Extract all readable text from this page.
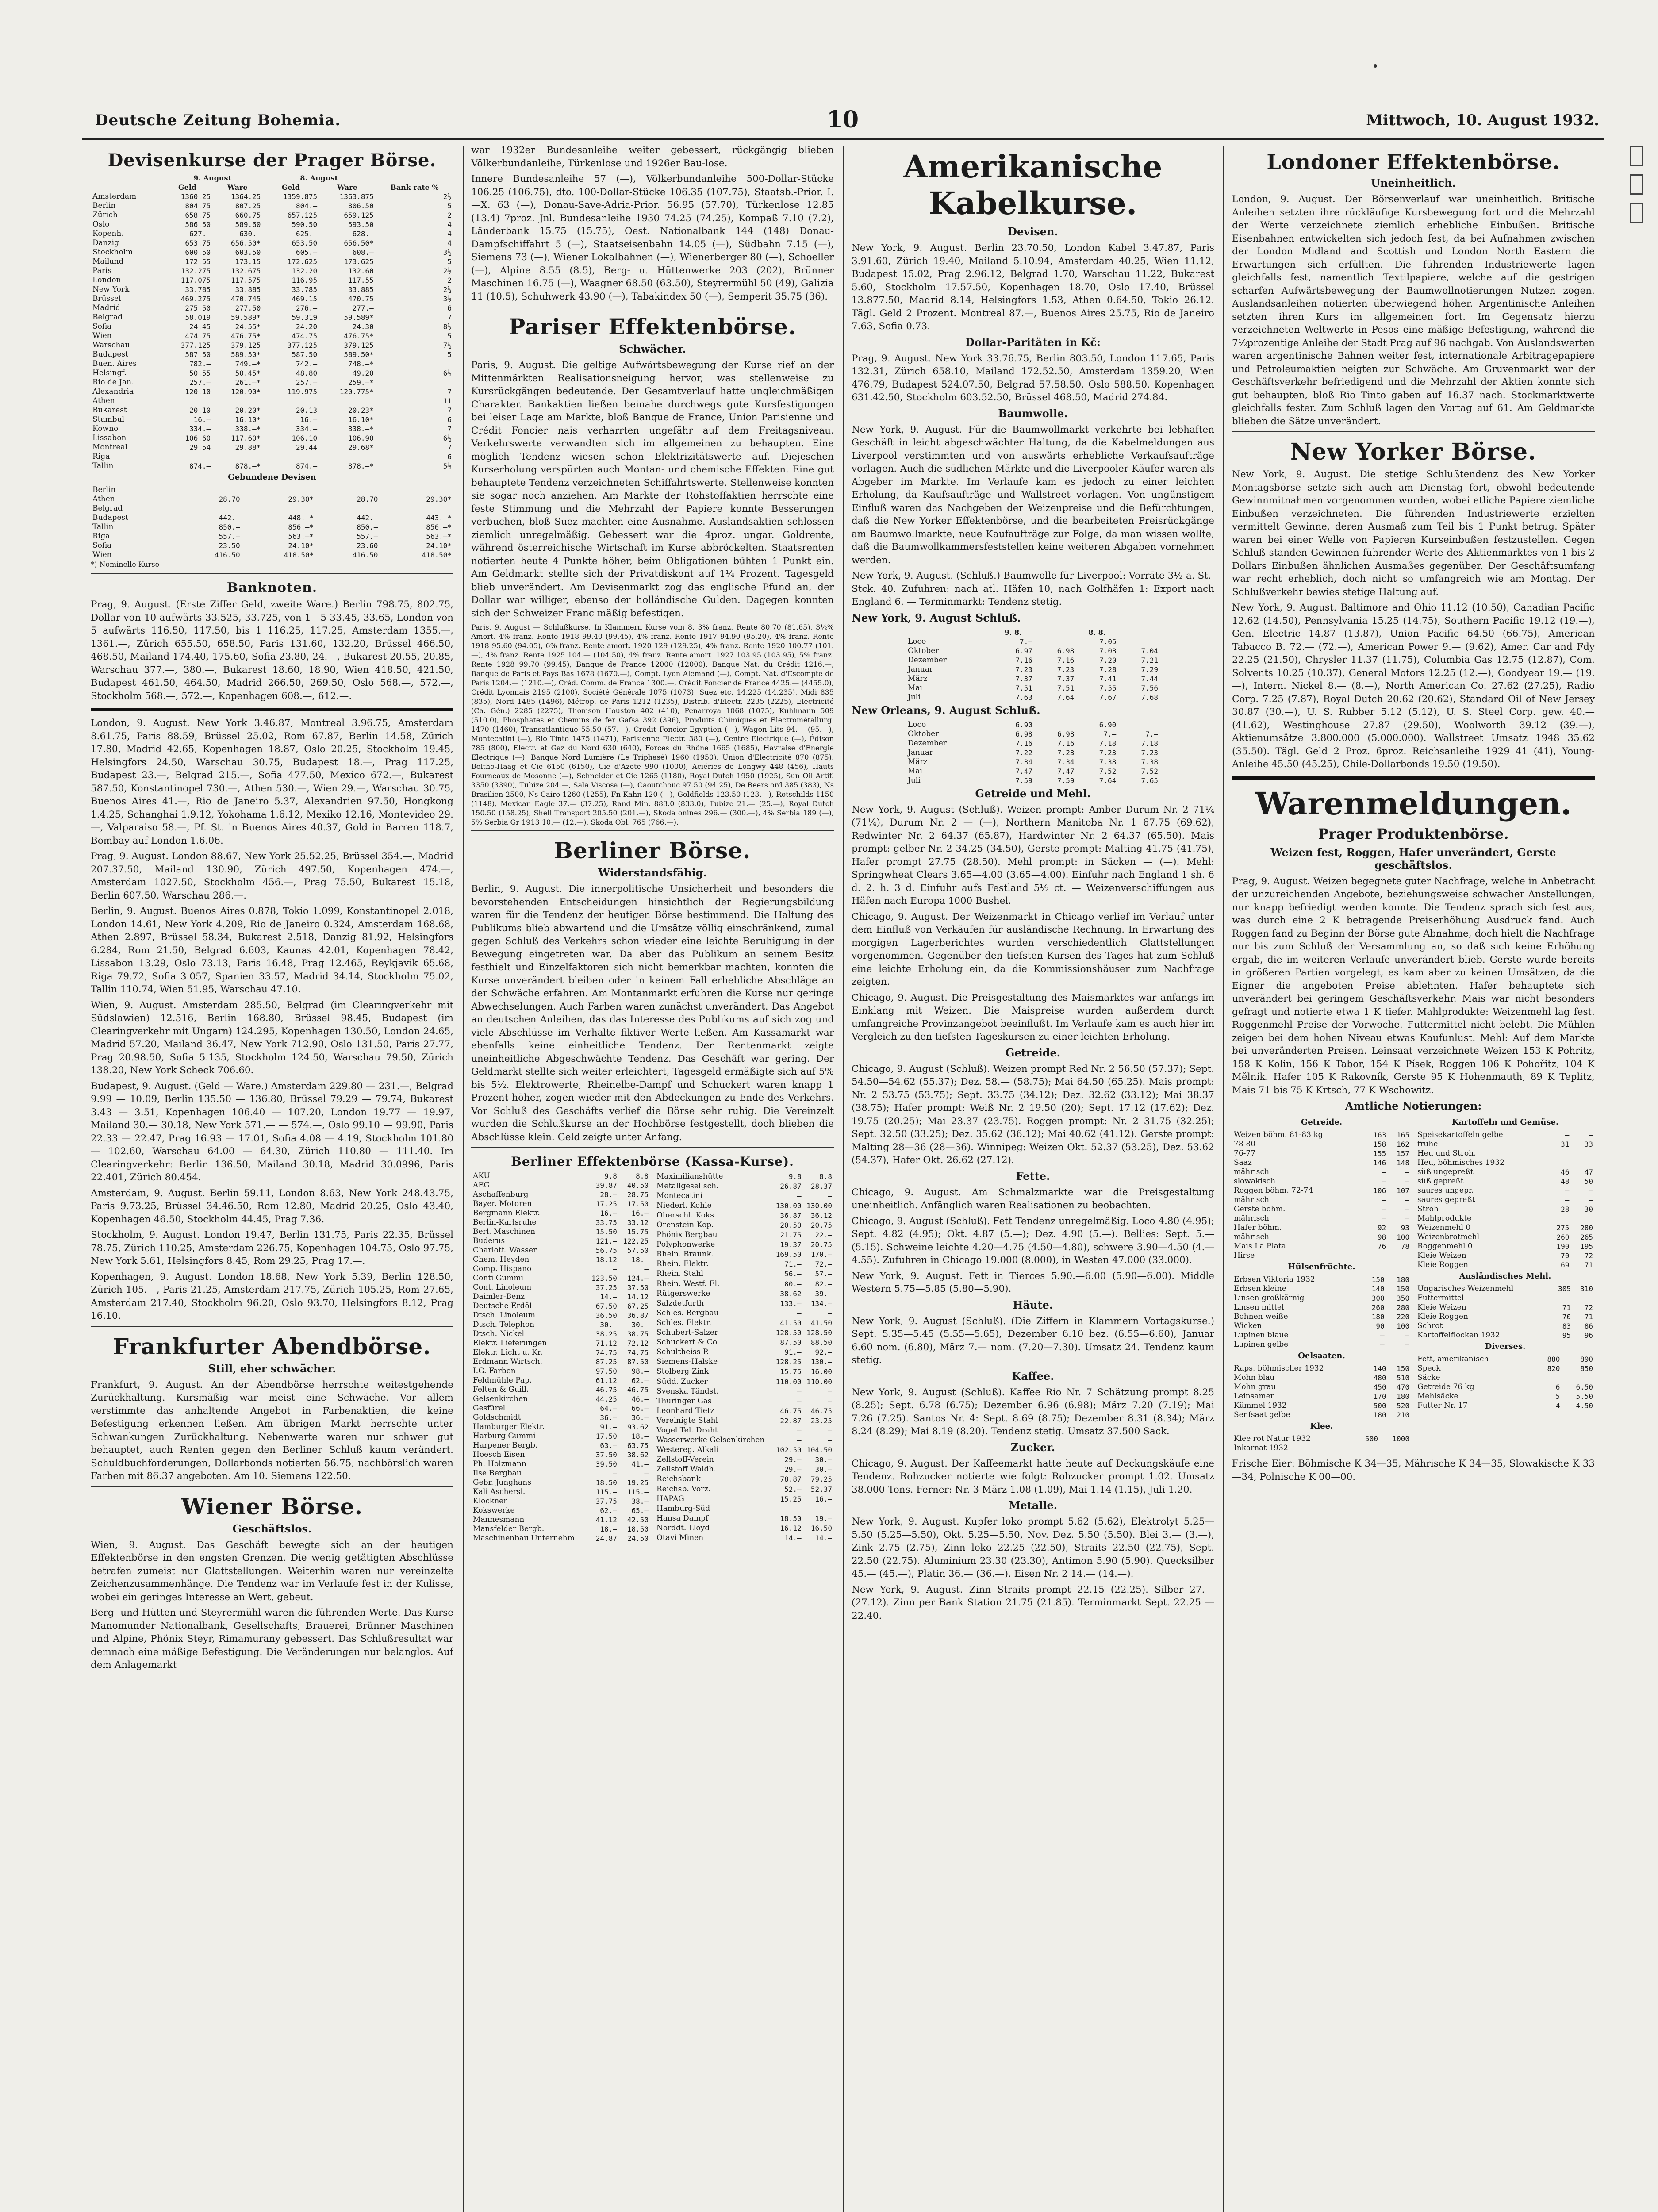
Deutsche Zeitung Bohemia.	10	Mittwoch, 10. August 1932.
Devisenkurse der Prager Börse.
	9. August		8. August		
	Geld	Ware	Geld	Ware	Bank rate %
Amsterdam	1360.25	1364.25	1359.875	1363.875	2½
Berlin	804.75	807.25	804.—	806.50	5
Zürich	658.75	660.75	657.125	659.125	2
Oslo	586.50	589.60	590.50	593.50	4
Kopenh.	627.—	630.—	625.—	628.—	4
Danzig	653.75	656.50*	653.50	656.50*	4
Stockholm	600.50	603.50	605.—	608.—	3½
Mailand	172.55	173.15	172.625	173.625	5
Paris	132.275	132.675	132.20	132.60	2½
London	117.075	117.575	116.95	117.55	2
New York	33.785	33.885	33.785	33.885	2½
Brüssel	469.275	470.745	469.15	470.75	3½
Madrid	275.50	277.50	276.—	277.—	6
Belgrad	58.019	59.589*	59.319	59.589*	7
Sofia	24.45	24.55*	24.20	24.30	8½
Wien	474.75	476.75*	474.75	476.75*	5
Warschau	377.125	379.125	377.125	379.125	7½
Budapest	587.50	589.50*	587.50	589.50*	5
Buen. Aires	782.—	749.—*	742.—	748.—*	
Helsingf.	50.55	50.45*	48.80	49.20	6½
Rio de Jan.	257.—	261.—*	257.—	259.—*	
Alexandria	120.10	120.90*	119.975	120.775*	7
Athen					11
Bukarest	20.10	20.20*	20.13	20.23*	7
Stambul	16.—	16.10*	16.—	16.10*	6
Kowno	334.—	338.—*	334.—	338.—*	7
Lissabon	106.60	117.60*	106.10	106.90	6½
Montreal	29.54	29.88*	29.44	29.68*	7
Riga					6
Tallin	874.—	878.—*	874.—	878.—*	5½
Gebundene Devisen
Berlin				
Athen	28.70	29.30*	28.70	29.30*
Belgrad				
Budapest	442.—	448.—*	442.—	443.—*
Tallin	850.—	856.—*	850.—	856.—*
Riga	557.—	563.—*	557.—	563.—*
Sofia	23.50	24.10*	23.60	24.10*
Wien	416.50	418.50*	416.50	418.50*
*) Nominelle Kurse
Banknoten.

Prag, 9. August. (Erste Ziffer Geld, zweite Ware.) Berlin 798.75, 802.75, Dollar von 10 aufwärts 33.525, 33.725, von 1—5 33.45, 33.65, London von 5 aufwärts 116.50, 117.50, bis 1 116.25, 117.25, Amsterdam 1355.—, 1361.—, Zürich 655.50, 658.50, Paris 131.60, 132.20, Brüssel 466.50, 468.50, Mailand 174.40, 175.60, Sofia 23.80, 24.—, Bukarest 20.55, 20.85, Warschau 377.—, 380.—, Bukarest 18.60, 18.90, Wien 418.50, 421.50, Budapest 461.50, 464.50, Madrid 266.50, 269.50, Oslo 568.—, 572.—, Stockholm 568.—, 572.—, Kopenhagen 608.—, 612.—.

London, 9. August. New York 3.46.87, Montreal 3.96.75, Amsterdam 8.61.75, Paris 88.59, Brüssel 25.02, Rom 67.87, Berlin 14.58, Zürich 17.80, Madrid 42.65, Kopenhagen 18.87, Oslo 20.25, Stockholm 19.45, Helsingfors 24.50, Warschau 30.75, Budapest 18.—, Prag 117.25, Budapest 23.—, Belgrad 215.—, Sofia 477.50, Mexico 672.—, Bukarest 587.50, Konstantinopel 730.—, Athen 530.—, Wien 29.—, Warschau 30.75, Buenos Aires 41.—, Rio de Janeiro 5.37, Alexandrien 97.50, Hongkong 1.4.25, Schanghai 1.9.12, Yokohama 1.6.12, Mexiko 12.16, Montevideo 29.—, Valparaiso 58.—, Pf. St. in Buenos Aires 40.37, Gold in Barren 118.7, Bombay auf London 1.6.06.

Prag, 9. August. London 88.67, New York 25.52.25, Brüssel 354.—, Madrid 207.37.50, Mailand 130.90, Zürich 497.50, Kopenhagen 474.—, Amsterdam 1027.50, Stockholm 456.—, Prag 75.50, Bukarest 15.18, Berlin 607.50, Warschau 286.—.

Berlin, 9. August. Buenos Aires 0.878, Tokio 1.099, Konstantinopel 2.018, London 14.61, New York 4.209, Rio de Janeiro 0.324, Amsterdam 168.68, Athen 2.897, Brüssel 58.34, Bukarest 2.518, Danzig 81.92, Helsingfors 6.284, Rom 21.50, Belgrad 6.603, Kaunas 42.01, Kopenhagen 78.42, Lissabon 13.29, Oslo 73.13, Paris 16.48, Prag 12.465, Reykjavik 65.68, Riga 79.72, Sofia 3.057, Spanien 33.57, Madrid 34.14, Stockholm 75.02, Tallin 110.74, Wien 51.95, Warschau 47.10.

Wien, 9. August. Amsterdam 285.50, Belgrad (im Clearingverkehr mit Südslawien) 12.516, Berlin 168.80, Brüssel 98.45, Budapest (im Clearingverkehr mit Ungarn) 124.295, Kopenhagen 130.50, London 24.65, Madrid 57.20, Mailand 36.47, New York 712.90, Oslo 131.50, Paris 27.77, Prag 20.98.50, Sofia 5.135, Stockholm 124.50, Warschau 79.50, Zürich 138.20, New York Scheck 706.60.

Budapest, 9. August. (Geld — Ware.) Amsterdam 229.80 — 231.—, Belgrad 9.99 — 10.09, Berlin 135.50 — 136.80, Brüssel 79.29 — 79.74, Bukarest 3.43 — 3.51, Kopenhagen 106.40 — 107.20, London 19.77 — 19.97, Mailand 30.— 30.18, New York 571.— — 574.—, Oslo 99.10 — 99.90, Paris 22.33 — 22.47, Prag 16.93 — 17.01, Sofia 4.08 — 4.19, Stockholm 101.80 — 102.60, Warschau 64.00 — 64.30, Zürich 110.80 — 111.40. Im Clearingverkehr: Berlin 136.50, Mailand 30.18, Madrid 30.0996, Paris 22.401, Zürich 80.454.

Amsterdam, 9. August. Berlin 59.11, London 8.63, New York 248.43.75, Paris 9.73.25, Brüssel 34.46.50, Rom 12.80, Madrid 20.25, Oslo 43.40, Kopenhagen 46.50, Stockholm 44.45, Prag 7.36.

Stockholm, 9. August. London 19.47, Berlin 131.75, Paris 22.35, Brüssel 78.75, Zürich 110.25, Amsterdam 226.75, Kopenhagen 104.75, Oslo 97.75, New York 5.61, Helsingfors 8.45, Rom 29.25, Prag 17.—.

Kopenhagen, 9. August. London 18.68, New York 5.39, Berlin 128.50, Zürich 105.—, Paris 21.25, Amsterdam 217.75, Zürich 105.25, Rom 27.65, Amsterdam 217.40, Stockholm 96.20, Oslo 93.70, Helsingfors 8.12, Prag 16.10.

Frankfurter Abendbörse.
Still, eher schwächer.

Frankfurt, 9. August. An der Abendbörse herrschte weitestgehende Zurückhaltung. Kursmäßig war meist eine Schwäche. Vor allem verstimmte das anhaltende Angebot in Farbenaktien, die keine Befestigung erkennen ließen. Am übrigen Markt herrschte unter Schwankungen Zurückhaltung. Nebenwerte waren nur schwer gut behauptet, auch Renten gegen den Berliner Schluß kaum verändert. Schuldbuchforderungen, Dollarbonds notierten 56.75, nachbörslich waren Farben mit 86.37 angeboten. Am 10. Siemens 122.50.

Wiener Börse.
Geschäftslos.

Wien, 9. August. Das Geschäft bewegte sich an der heutigen Effektenbörse in den engsten Grenzen. Die wenig getätigten Abschlüsse betrafen zumeist nur Glattstellungen. Weiterhin waren nur vereinzelte Zeichenzusammenhänge. Die Tendenz war im Verlaufe fest in der Kulisse, wobei ein geringes Interesse an Wert, gebeut.

Berg- und Hütten und Steyrermühl waren die führenden Werte. Das Kurse Manomunder Nationalbank, Gesellschafts, Brauerei, Brünner Maschinen und Alpine, Phönix Steyr, Rimamurany gebessert. Das Schlußresultat war demnach eine mäßige Befestigung. Die Veränderungen nur belanglos. Auf dem Anlagemarkt

war 1932er Bundesanleihe weiter gebessert, rückgängig blieben Völkerbundanleihe, Türkenlose und 1926er Bau-lose.

Innere Bundesanleihe 57 (—), Völkerbundanleihe 500-Dollar-Stücke 106.25 (106.75), dto. 100-Dollar-Stücke 106.35 (107.75), Staatsb.-Prior. I.—X. 63 (—), Donau-Save-Adria-Prior. 56.95 (57.70), Türkenlose 12.85 (13.4) 7proz. Jnl. Bundesanleihe 1930 74.25 (74.25), Kompaß 7.10 (7.2), Länderbank 15.75 (15.75), Oest. Nationalbank 144 (148) Donau-Dampfschiffahrt 5 (—), Staatseisenbahn 14.05 (—), Südbahn 7.15 (—), Siemens 73 (—), Wiener Lokalbahnen (—), Wienerberger 80 (—), Schoeller (—), Alpine 8.55 (8.5), Berg- u. Hüttenwerke 203 (202), Brünner Maschinen 16.75 (—), Waagner 68.50 (63.50), Steyrermühl 50 (49), Galizia 11 (10.5), Schuhwerk 43.90 (—), Tabakindex 50 (—), Semperit 35.75 (36).

Pariser Effektenbörse.
Schwächer.

Paris, 9. August. Die geltige Aufwärtsbewegung der Kurse rief an der Mittenmärkten Realisationsneigung hervor, was stellenweise zu Kursrückgängen bedeutende. Der Gesamtverlauf hatte ungleichmäßigen Charakter. Bankaktien ließen beinahe durchwegs gute Kursfestigungen bei leiser Lage am Markte, bloß Banque de France, Union Parisienne und Crédit Foncier nais verharrten ungefähr auf dem Freitagsniveau. Verkehrswerte verwandten sich im allgemeinen zu behaupten. Eine möglich Tendenz wiesen schon Elektrizitätswerte auf. Diejeschen Kurserholung verspürten auch Montan- und chemische Effekten. Eine gut behauptete Tendenz verzeichneten Schiffahrtswerte. Stellenweise konnten sie sogar noch anziehen. Am Markte der Rohstoffaktien herrschte eine feste Stimmung und die Mehrzahl der Papiere konnte Besserungen verbuchen, bloß Suez machten eine Ausnahme. Auslandsaktien schlossen ziemlich unregelmäßig. Gebessert war die 4proz. ungar. Goldrente, während österreichische Wirtschaft im Kurse abbröckelten. Staatsrenten notierten heute 4 Punkte höher, beim Obligationen bühten 1 Punkt ein. Am Geldmarkt stellte sich der Privatdiskont auf 1¼ Prozent. Tagesgeld blieb unverändert. Am Devisenmarkt zog das englische Pfund an, der Dollar war williger, ebenso der holländische Gulden. Dagegen konnten sich der Schweizer Franc mäßig befestigen.

Paris, 9. August — Schlußkurse. In Klammern Kurse vom 8. 3% franz. Rente 80.70 (81.65), 3½% Amort. 4% franz. Rente 1918 99.40 (99.45), 4% franz. Rente 1917 94.90 (95.20), 4% franz. Rente 1918 95.60 (94.05), 6% franz. Rente amort. 1920 129 (129.25), 4% franz. Rente 1920 100.77 (101.—), 4% franz. Rente 1925 104.— (104.50), 4% franz. Rente amort. 1927 103.95 (103.95), 5% franz. Rente 1928 99.70 (99.45), Banque de France 12000 (12000), Banque Nat. du Crédit 1216.—, Banque de Paris et Pays Bas 1678 (1670.—), Compt. Lyon Alemand (—), Compt. Nat. d'Escompte de Paris 1204.— (1210.—), Créd. Comm. de France 1300.—, Crédit Foncier de France 4425.— (4455.0), Crédit Lyonnais 2195 (2100), Société Générale 1075 (1073), Suez etc. 14.225 (14.235), Midi 835 (835), Nord 1485 (1496), Métrop. de Paris 1212 (1235), Distrib. d'Electr. 2235 (2225), Electricité (Ca. Gén.) 2285 (2275), Thomson Houston 402 (410), Penarroya 1068 (1075), Kuhlmann 509 (510.0), Phosphates et Chemins de fer Gafsa 392 (396), Produits Chimiques et Electrométallurg. 1470 (1460), Transatlantique 55.50 (57.—), Crédit Foncier Egyptien (—), Wagon Lits 94.— (95.—), Montecatini (—), Rio Tinto 1475 (1471), Parisienne Electr. 380 (—), Centre Electrique (—), Édison 785 (800), Electr. et Gaz du Nord 630 (640), Forces du Rhône 1665 (1685), Havraise d'Energie Electrique (—), Banque Nord Lumière (Le Triphasé) 1960 (1950), Union d'Electricité 870 (875), Boltho-Haag et Cie 6150 (6150), Cie d'Azote 990 (1000), Aciéries de Longwy 448 (456), Hauts Fourneaux de Mosonne (—), Schneider et Cie 1265 (1180), Royal Dutch 1950 (1925), Sun Oil Artif. 3350 (3390), Tubize 204.—, Sala Viscosa (—), Caoutchouc 97.50 (94.25), De Beers ord 385 (383), Ns Brasilien 2500, Ns Cairo 1260 (1255), Fn Kahn 120 (—), Goldfields 123.50 (123.—), Rotschilds 1150 (1148), Mexican Eagle 37.— (37.25), Rand Min. 883.0 (833.0), Tubize 21.— (25.—), Royal Dutch 150.50 (158.25), Shell Transport 205.50 (201.—), Skoda onines 296.— (300.—), 4% Serbia 189 (—), 5% Serbia Gr 1913 10.— (12.—), Skoda Obl. 765 (766.—).

Berliner Börse.
Widerstandsfähig.

Berlin, 9. August. Die innerpolitische Unsicherheit und besonders die bevorstehenden Entscheidungen hinsichtlich der Regierungsbildung waren für die Tendenz der heutigen Börse bestimmend. Die Haltung des Publikums blieb abwartend und die Umsätze völlig einschränkend, zumal gegen Schluß des Verkehrs schon wieder eine leichte Beruhigung in der Bewegung eingetreten war. Da aber das Publikum an seinem Besitz festhielt und Einzelfaktoren sich nicht bemerkbar machten, konnten die Kurse unverändert bleiben oder in keinem Fall erhebliche Abschläge an der Schwäche erfahren. Am Montanmarkt erfuhren die Kurse nur geringe Abwechselungen. Auch Farben waren zunächst unverändert. Das Angebot an deutschen Anleihen, das das Interesse des Publikums auf sich zog und viele Abschlüsse im Verhalte fiktiver Werte ließen. Am Kassamarkt war ebenfalls keine einheitliche Tendenz. Der Rentenmarkt zeigte uneinheitliche Abgeschwächte Tendenz. Das Geschäft war gering. Der Geldmarkt stellte sich weiter erleichtert, Tagesgeld ermäßigte sich auf 5% bis 5½. Elektrowerte, Rheinelbe-Dampf und Schuckert waren knapp 1 Prozent höher, zogen wieder mit den Abdeckungen zu Ende des Verkehrs. Vor Schluß des Geschäfts verlief die Börse sehr ruhig. Die Vereinzelt wurden die Schlußkurse an der Hochbörse festgestellt, doch blieben die Abschlüsse klein. Geld zeigte unter Anfang.

Berliner Effektenbörse (Kassa-Kurse).
AKU	9.8	8.8
AEG	39.87	40.50
Aschaffenburg	28.—	28.75
Bayer. Motoren	17.25	17.50
Bergmann Elektr.	16.—	16.—
Berlin-Karlsruhe	33.75	33.12
Berl. Maschinen	15.50	15.75
Buderus	121.—	122.25
Charlott. Wasser	56.75	57.50
Chem. Heyden	18.12	18.—
Comp. Hispano	—	—
Conti Gummi	123.50	124.—
Cont. Linoleum	37.25	37.50
Daimler-Benz	14.—	14.12
Deutsche Erdöl	67.50	67.25
Dtsch. Linoleum	36.50	36.87
Dtsch. Telephon	30.—	30.—
Dtsch. Nickel	38.25	38.75
Elektr. Lieferungen	71.12	72.12
Elektr. Licht u. Kr.	74.75	74.75
Erdmann Wirtsch.	87.25	87.50
I.G. Farben	97.50	98.—
Feldmühle Pap.	61.12	62.—
Felten & Guill.	46.75	46.75
Gelsenkirchen	44.25	46.—
Gesfürel	64.—	66.—
Goldschmidt	36.—	36.—
Hamburger Elektr.	91.—	93.62
Harburg Gummi	17.50	18.—
Harpener Bergb.	63.—	63.75
Hoesch Eisen	37.50	38.62
Ph. Holzmann	39.50	41.—
Ilse Bergbau	—	—
Gebr. Junghans	18.50	19.25
Kali Aschersl.	115.—	115.—
Klöckner	37.75	38.—
Kokswerke	62.—	65.—
Mannesmann	41.12	42.50
Mansfelder Bergb.	18.—	18.50
Maschinenbau Unternehm.	24.87	24.50
Maximilianshütte	9.8	8.8
Metallgesellsch.	26.87	28.37
Montecatini	—	—
Niederl. Kohle	130.00	130.00
Oberschl. Koks	36.87	36.12
Orenstein-Kop.	20.50	20.75
Phönix Bergbau	21.75	22.—
Polyphonwerke	19.37	20.75
Rhein. Braunk.	169.50	170.—
Rhein. Elektr.	71.—	72.—
Rhein. Stahl	56.—	57.—
Rhein. Westf. El.	80.—	82.—
Rütgerswerke	38.62	39.—
Salzdetfurth	133.—	134.—
Schles. Bergbau	—	—
Schles. Elektr.	41.50	41.50
Schubert-Salzer	128.50	128.50
Schuckert & Co.	87.50	88.50
Schultheiss-P.	91.—	92.—
Siemens-Halske	128.25	130.—
Stolberg Zink	15.75	16.00
Südd. Zucker	110.00	110.00
Svenska Tändst.	—	—
Thüringer Gas	—	—
Leonhard Tietz	46.75	46.75
Vereinigte Stahl	22.87	23.25
Vogel Tel. Draht	—	—
Wasserwerke Gelsenkirchen	—	—
Westereg. Alkali	102.50	104.50
Zellstoff-Verein	29.—	30.—
Zellstoff Waldh.	29.—	30.—
Reichsbank	78.87	79.25
Reichsb. Vorz.	52.—	52.37
HAPAG	15.25	16.—
Hamburg-Süd	—	—
Hansa Dampf	18.50	19.—
Norddt. Lloyd	16.12	16.50
Otavi Minen	14.—	14.—
Amerikanische Kabelkurse.
Devisen.

New York, 9. August. Berlin 23.70.50, London Kabel 3.47.87, Paris 3.91.60, Zürich 19.40, Mailand 5.10.94, Amsterdam 40.25, Wien 11.12, Budapest 15.02, Prag 2.96.12, Belgrad 1.70, Warschau 11.22, Bukarest 5.60, Stockholm 17.57.50, Kopenhagen 18.70, Oslo 17.40, Brüssel 13.877.50, Madrid 8.14, Helsingfors 1.53, Athen 0.64.50, Tokio 26.12. Tägl. Geld 2 Prozent. Montreal 87.—, Buenos Aires 25.75, Rio de Janeiro 7.63, Sofia 0.73.

Dollar-Paritäten in Kč:

Prag, 9. August. New York 33.76.75, Berlin 803.50, London 117.65, Paris 132.31, Zürich 658.10, Mailand 172.52.50, Amsterdam 1359.20, Wien 476.79, Budapest 524.07.50, Belgrad 57.58.50, Oslo 588.50, Kopenhagen 631.42.50, Stockholm 603.52.50, Brüssel 468.50, Madrid 274.84.

Baumwolle.

New York, 9. August. Für die Baumwollmarkt verkehrte bei lebhaften Geschäft in leicht abgeschwächter Haltung, da die Kabelmeldungen aus Liverpool verstimmten und von auswärts erhebliche Verkaufsaufträge vorlagen. Auch die südlichen Märkte und die Liverpooler Käufer waren als Abgeber im Markte. Im Verlaufe kam es jedoch zu einer leichten Erholung, da Kaufsaufträge und Wallstreet vorlagen. Von ungünstigem Einfluß waren das Nachgeben der Weizenpreise und die Befürchtungen, daß die New Yorker Effektenbörse, und die bearbeiteten Preisrückgänge am Baumwollmarkte, neue Kaufaufträge zur Folge, da man wissen wollte, daß die Baumwollkammersfeststellen keine weiteren Abgaben vornehmen werden.

New York, 9. August. (Schluß.) Baumwolle für Liverpool: Vorräte 3½ a. St.-Stck. 40. Zufuhren: nach atl. Häfen 10, nach Golfhäfen 1: Export nach England 6. — Terminmarkt: Tendenz stetig.

New York, 9. August Schluß.
	9. 8.		8. 8.	
Loco	7.—		7.05	
Oktober	6.97	6.98	7.03	7.04
Dezember	7.16	7.16	7.20	7.21
Januar	7.23	7.23	7.28	7.29
März	7.37	7.37	7.41	7.44
Mai	7.51	7.51	7.55	7.56
Juli	7.63	7.64	7.67	7.68
New Orleans, 9. August Schluß.
Loco	6.90		6.90	
Oktober	6.98	6.98	7.—	7.—
Dezember	7.16	7.16	7.18	7.18
Januar	7.22	7.23	7.23	7.23
März	7.34	7.34	7.38	7.38
Mai	7.47	7.47	7.52	7.52
Juli	7.59	7.59	7.64	7.65
Getreide und Mehl.

New York, 9. August (Schluß). Weizen prompt: Amber Durum Nr. 2 71¼ (71¼), Durum Nr. 2 — (—), Northern Manitoba Nr. 1 67.75 (69.62), Redwinter Nr. 2 64.37 (65.87), Hardwinter Nr. 2 64.37 (65.50). Mais prompt: gelber Nr. 2 34.25 (34.50), Gerste prompt: Malting 41.75 (41.75), Hafer prompt 27.75 (28.50). Mehl prompt: in Säcken — (—). Mehl: Springwheat Clears 3.65—4.00 (3.65—4.00). Einfuhr nach England 1 sh. 6 d. 2. h. 3 d. Einfuhr aufs Festland 5½ ct. — Weizenverschiffungen aus Häfen nach Europa 1000 Bushel.

Chicago, 9. August. Der Weizenmarkt in Chicago verlief im Verlauf unter dem Einfluß von Verkäufen für ausländische Rechnung. In Erwartung des morgigen Lagerberichtes wurden verschiedentlich Glattstellungen vorgenommen. Gegenüber den tiefsten Kursen des Tages hat zum Schluß eine leichte Erholung ein, da die Kommissionshäuser zum Nachfrage zeigten.

Chicago, 9. August. Die Preisgestaltung des Maismarktes war anfangs im Einklang mit Weizen. Die Maispreise wurden außerdem durch umfangreiche Provinzangebot beeinflußt. Im Verlaufe kam es auch hier im Vergleich zu den tiefsten Tageskursen zu einer leichten Erholung.

Getreide.

Chicago, 9. August (Schluß). Weizen prompt Red Nr. 2 56.50 (57.37); Sept. 54.50—54.62 (55.37); Dez. 58.— (58.75); Mai 64.50 (65.25). Mais prompt: Nr. 2 53.75 (53.75); Sept. 33.75 (34.12); Dez. 32.62 (33.12); Mai 38.37 (38.75); Hafer prompt: Weiß Nr. 2 19.50 (20); Sept. 17.12 (17.62); Dez. 19.75 (20.25); Mai 23.37 (23.75). Roggen prompt: Nr. 2 31.75 (32.25); Sept. 32.50 (33.25); Dez. 35.62 (36.12); Mai 40.62 (41.12). Gerste prompt: Malting 28—36 (28—36). Winnipeg: Weizen Okt. 52.37 (53.25), Dez. 53.62 (54.37), Hafer Okt. 26.62 (27.12).

Fette.

Chicago, 9. August. Am Schmalzmarkte war die Preisgestaltung uneinheitlich. Anfänglich waren Realisationen zu beobachten.

Chicago, 9. August (Schluß). Fett Tendenz unregelmäßig. Loco 4.80 (4.95); Sept. 4.82 (4.95); Okt. 4.87 (5.—); Dez. 4.90 (5.—). Bellies: Sept. 5.— (5.15). Schweine leichte 4.20—4.75 (4.50—4.80), schwere 3.90—4.50 (4.—4.55). Zufuhren in Chicago 19.000 (8.000), in Westen 47.000 (33.000).

New York, 9. August. Fett in Tierces 5.90.—6.00 (5.90—6.00). Middle Western 5.75—5.85 (5.80—5.90).

Häute.

New York, 9. August (Schluß). (Die Ziffern in Klammern Vortagskurse.) Sept. 5.35—5.45 (5.55—5.65), Dezember 6.10 bez. (6.55—6.60), Januar 6.60 nom. (6.80), März 7.— nom. (7.20—7.30). Umsatz 24. Tendenz kaum stetig.

Kaffee.

New York, 9. August (Schluß). Kaffee Rio Nr. 7 Schätzung prompt 8.25 (8.25); Sept. 6.78 (6.75); Dezember 6.96 (6.98); März 7.20 (7.19); Mai 7.26 (7.25). Santos Nr. 4: Sept. 8.69 (8.75); Dezember 8.31 (8.34); März 8.24 (8.29); Mai 8.19 (8.20). Tendenz stetig. Umsatz 37.500 Sack.

Zucker.

Chicago, 9. August. Der Kaffeemarkt hatte heute auf Deckungskäufe eine Tendenz. Rohzucker notierte wie folgt: Rohzucker prompt 1.02. Umsatz 38.000 Tons. Ferner: Nr. 3 März 1.08 (1.09), Mai 1.14 (1.15), Juli 1.20.

Metalle.

New York, 9. August. Kupfer loko prompt 5.62 (5.62), Elektrolyt 5.25—5.50 (5.25—5.50), Okt. 5.25—5.50, Nov. Dez. 5.50 (5.50). Blei 3.— (3.—), Zink 2.75 (2.75), Zinn loko 22.25 (22.50), Straits 22.50 (22.75), Sept. 22.50 (22.75). Aluminium 23.30 (23.30), Antimon 5.90 (5.90). Quecksilber 45.— (45.—), Platin 36.— (36.—). Eisen Nr. 2 14.— (14.—).

New York, 9. August. Zinn Straits prompt 22.15 (22.25). Silber 27.— (27.12). Zinn per Bank Station 21.75 (21.85). Terminmarkt Sept. 22.25 — 22.40.

Londoner Effektenbörse.
Uneinheitlich.

London, 9. August. Der Börsenverlauf war uneinheitlich. Britische Anleihen setzten ihre rückläufige Kursbewegung fort und die Mehrzahl der Werte verzeichnete ziemlich erhebliche Einbußen. Britische Eisenbahnen entwickelten sich jedoch fest, da bei Aufnahmen zwischen der London Midland and Scottish und London North Eastern die Erwartungen sich erfüllten. Die führenden Industriewerte lagen gleichfalls fest, namentlich Textilpapiere, welche auf die gestrigen scharfen Aufwärtsbewegung der Baumwollnotierungen Nutzen zogen. Auslandsanleihen notierten überwiegend höher. Argentinische Anleihen setzten ihren Kurs im allgemeinen fort. Im Gegensatz hierzu verzeichneten Weltwerte in Pesos eine mäßige Befestigung, während die 7½prozentige Anleihe der Stadt Prag auf 96 nachgab. Von Auslandswerten waren argentinische Bahnen weiter fest, internationale Arbitragepapiere und Petroleumaktien neigten zur Schwäche. Am Gruvenmarkt war der Geschäftsverkehr befriedigend und die Mehrzahl der Aktien konnte sich gut behaupten, bloß Rio Tinto gaben auf 16.37 nach. Stockmarktwerte gleichfalls fester. Zum Schluß lagen den Vortag auf 61. Am Geldmarkte blieben die Sätze unverändert.

New Yorker Börse.

New York, 9. August. Die stetige Schlußtendenz des New Yorker Montagsbörse setzte sich auch am Dienstag fort, obwohl bedeutende Gewinnmitnahmen vorgenommen wurden, wobei etliche Papiere ziemliche Einbußen verzeichneten. Die führenden Industriewerte erzielten vermittelt Gewinne, deren Ausmaß zum Teil bis 1 Punkt betrug. Später waren bei einer Welle von Papieren Kurseinbußen festzustellen. Gegen Schluß standen Gewinnen führender Werte des Aktienmarktes von 1 bis 2 Dollars Einbußen ähnlichen Ausmaßes gegenüber. Der Geschäftsumfang war recht erheblich, doch nicht so umfangreich wie am Montag. Der Schlußverkehr bewies stetige Haltung auf.

New York, 9. August. Baltimore and Ohio 11.12 (10.50), Canadian Pacific 12.62 (14.50), Pennsylvania 15.25 (14.75), Southern Pacific 19.12 (19.—), Gen. Electric 14.87 (13.87), Union Pacific 64.50 (66.75), American Tabacco B. 72.— (72.—), American Power 9.— (9.62), Amer. Car and Fdy 22.25 (21.50), Chrysler 11.37 (11.75), Columbia Gas 12.75 (12.87), Com. Solvents 10.25 (10.37), General Motors 12.25 (12.—), Goodyear 19.— (19.—), Intern. Nickel 8.— (8.—), North American Co. 27.62 (27.25), Radio Corp. 7.25 (7.87), Royal Dutch 20.62 (20.62), Standard Oil of New Jersey 30.87 (30.—), U. S. Rubber 5.12 (5.12), U. S. Steel Corp. gew. 40.— (41.62), Westinghouse 27.87 (29.50), Woolworth 39.12 (39.—), Aktienumsätze 3.800.000 (5.000.000). Wallstreet Umsatz 1948 35.62 (35.50). Tägl. Geld 2 Proz. 6proz. Reichsanleihe 1929 41 (41), Young-Anleihe 45.50 (45.25), Chile-Dollarbonds 19.50 (19.50).

Warenmeldungen.
Prager Produktenbörse.
Weizen fest, Roggen, Hafer unverändert, Gerste geschäftslos.

Prag, 9. August. Weizen begegnete guter Nachfrage, welche in Anbetracht der unzureichenden Angebote, beziehungsweise schwacher Anstellungen, nur knapp befriedigt werden konnte. Die Tendenz sprach sich fest aus, was durch eine 2 K betragende Preiserhöhung Ausdruck fand. Auch Roggen fand zu Beginn der Börse gute Abnahme, doch hielt die Nachfrage nur bis zum Schluß der Versammlung an, so daß sich keine Erhöhung ergab, die im weiteren Verlaufe unverändert blieb. Gerste wurde bereits in größeren Partien vorgelegt, es kam aber zu keinen Umsätzen, da die Eigner die angeboten Preise ablehnten. Hafer behauptete sich unverändert bei geringem Geschäftsverkehr. Mais war nicht besonders gefragt und notierte etwa 1 K tiefer. Mahlprodukte: Weizenmehl lag fest. Roggenmehl Preise der Vorwoche. Futtermittel nicht belebt. Die Mühlen zeigen bei dem hohen Niveau etwas Kaufunlust. Mehl: Auf dem Markte bei unveränderten Preisen. Leinsaat verzeichnete Weizen 153 K Pohritz, 158 K Kolin, 156 K Tabor, 154 K Písek, Roggen 106 K Pohořitz, 104 K Mělník. Hafer 105 K Rakovník, Gerste 95 K Hohenmauth, 89 K Teplitz, Mais 71 bis 75 K Krtsch, 77 K Wschowitz.

Amtliche Notierungen:
Getreide.
Weizen böhm. 81-83 kg	163	165
78-80	158	162
76-77	155	157
Saaz	146	148
mährisch	—	—
slowakisch	—	—
Roggen böhm. 72-74	106	107
mährisch	—	—
Gerste böhm.	—	—
mährisch	—	—
Hafer böhm.	92	93
mährisch	98	100
Mais La Plata	76	78
Hirse	—	—
Hülsenfrüchte.
Erbsen Viktoria 1932	150	180
Erbsen kleine	140	150
Linsen großkörnig	300	350
Linsen mittel	260	280
Bohnen weiße	180	220
Wicken	90	100
Lupinen blaue	—	—
Lupinen gelbe	—	—
Oelsaaten.
Raps, böhmischer 1932	140	150
Mohn blau	480	510
Mohn grau	450	470
Leinsamen	170	180
Kümmel 1932	500	520
Senfsaat gelbe	180	210
Klee.
Klee rot Natur 1932	500	1000
Inkarnat 1932		
Kartoffeln und Gemüse.
Speisekartoffeln gelbe	—	—
frühe	31	33
Heu und Stroh.		
Heu, böhmisches 1932		
süß ungepreßt	46	47
süß gepreßt	48	50
saures ungepr.	—	—
saures gepreßt	—	—
Stroh	28	30
Mahlprodukte		
Weizenmehl 0	275	280
Weizenbrotmehl	260	265
Roggenmehl 0	190	195
Kleie Weizen	70	72
Kleie Roggen	69	71
Ausländisches Mehl.
Ungarisches Weizenmehl	305	310
Futtermittel		
Kleie Weizen	71	72
Kleie Roggen	70	71
Schrot	83	86
Kartoffelflocken 1932	95	96
Diverses.
Fett, amerikanisch	880	890
Speck	820	850
Säcke		
Getreide 76 kg	6	6.50
Mehlsäcke	5	5.50
Futter Nr. 17	4	4.50

Frische Eier: Böhmische K 34—35, Mährische K 34—35, Slowakische K 33—34, Polnische K 00—00.
